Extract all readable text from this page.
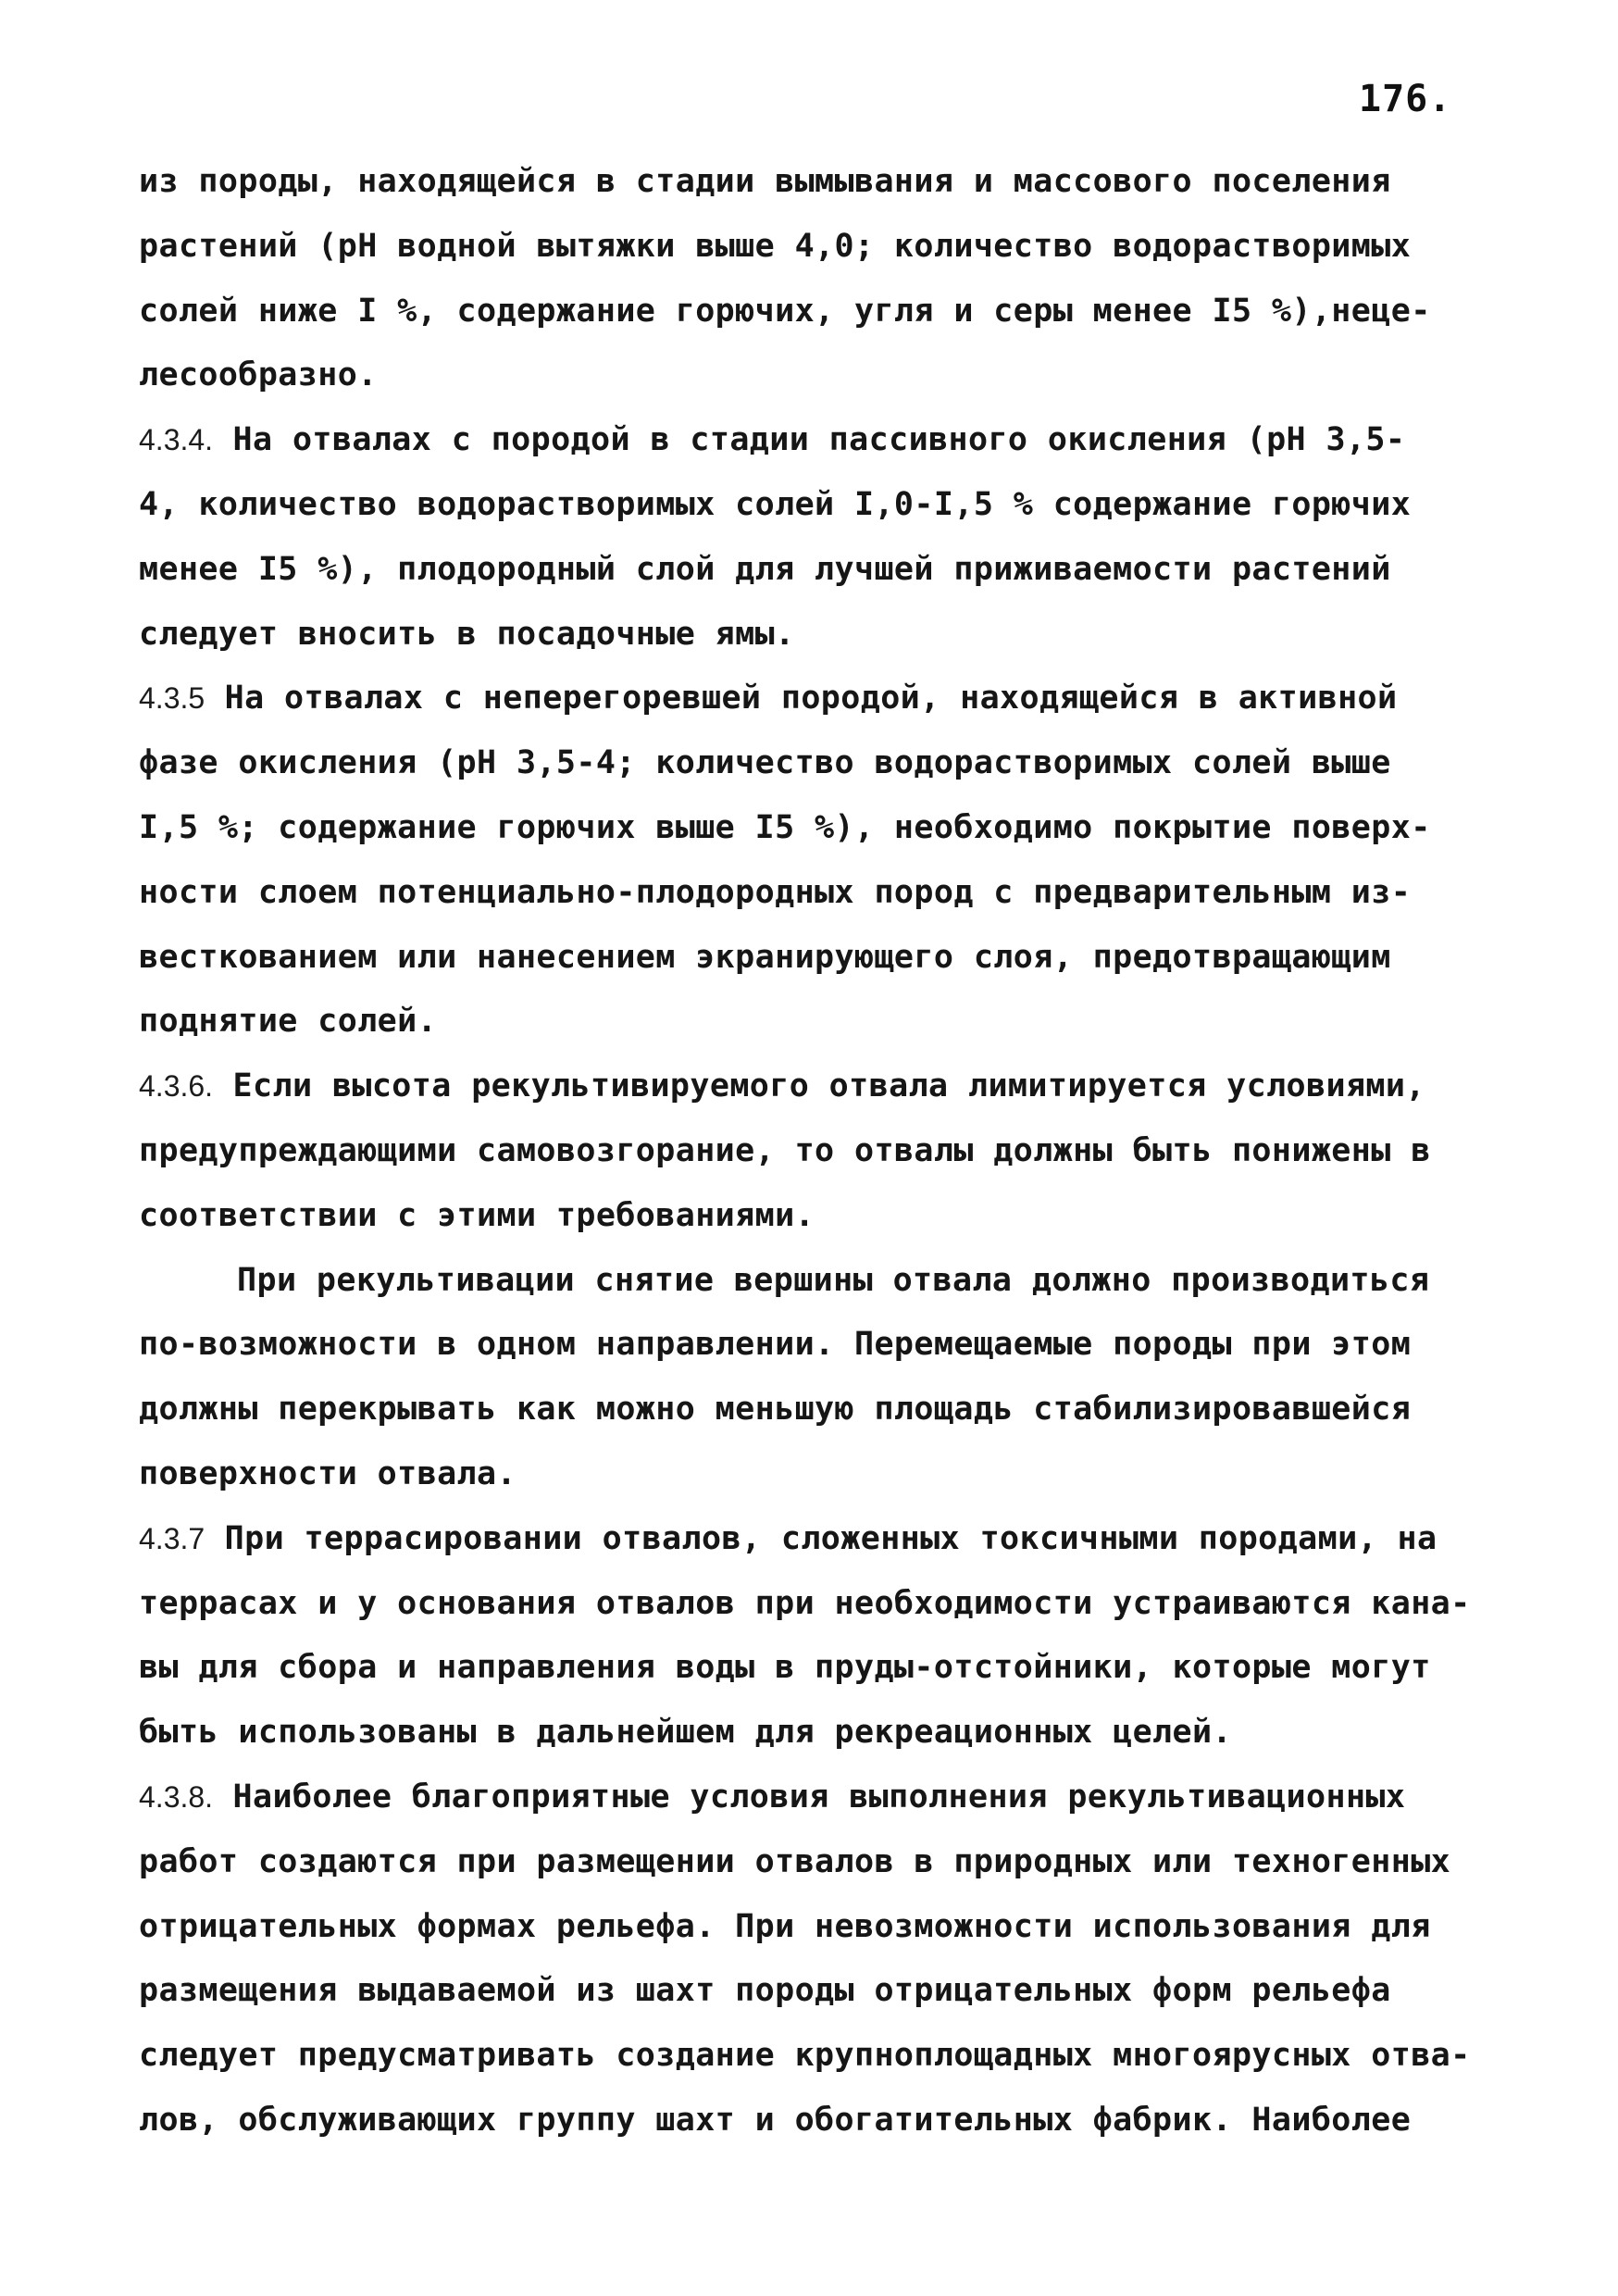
176.
из породы, находящейся в стадии вымывания и массового поселения
растений (рН водной вытяжки выше 4,0; количество водорастворимых
солей ниже I %, содержание горючих, угля и серы менее I5 %),неце-
лесообразно.
4.3.4. На отвалах с породой в стадии пассивного окисления (рН 3,5-
4, количество водорастворимых солей I,0-I,5 % содержание горючих
менее I5 %), плодородный слой для лучшей приживаемости растений
следует вносить в посадочные ямы.
4.3.5 На отвалах с неперегоревшей породой, находящейся в активной
фазе окисления (рН 3,5-4; количество водорастворимых солей выше
I,5 %; содержание горючих выше I5 %), необходимо покрытие поверх-
ности слоем потенциально-плодородных пород с предварительным из-
весткованием или нанесением экранирующего слоя, предотвращающим
поднятие солей.
4.3.6. Если высота рекультивируемого отвала лимитируется условиями,
предупреждающими самовозгорание, то отвалы должны быть понижены в
соответствии с этими требованиями.
При рекультивации снятие вершины отвала должно производиться
по-возможности в одном направлении. Перемещаемые породы при этом
должны перекрывать как можно меньшую площадь стабилизировавшейся
поверхности отвала.
4.3.7 При террасировании отвалов, сложенных токсичными породами, на
террасах и у основания отвалов при необходимости устраиваются кана-
вы для сбора и направления воды в пруды-отстойники, которые могут
быть использованы в дальнейшем для рекреационных целей.
4.3.8. Наиболее благоприятные условия выполнения рекультивационных
работ создаются при размещении отвалов в природных или техногенных
отрицательных формах рельефа. При невозможности использования для
размещения выдаваемой из шахт породы отрицательных форм рельефа
следует предусматривать создание крупноплощадных многоярусных отва-
лов, обслуживающих группу шахт и обогатительных фабрик. Наиболее
